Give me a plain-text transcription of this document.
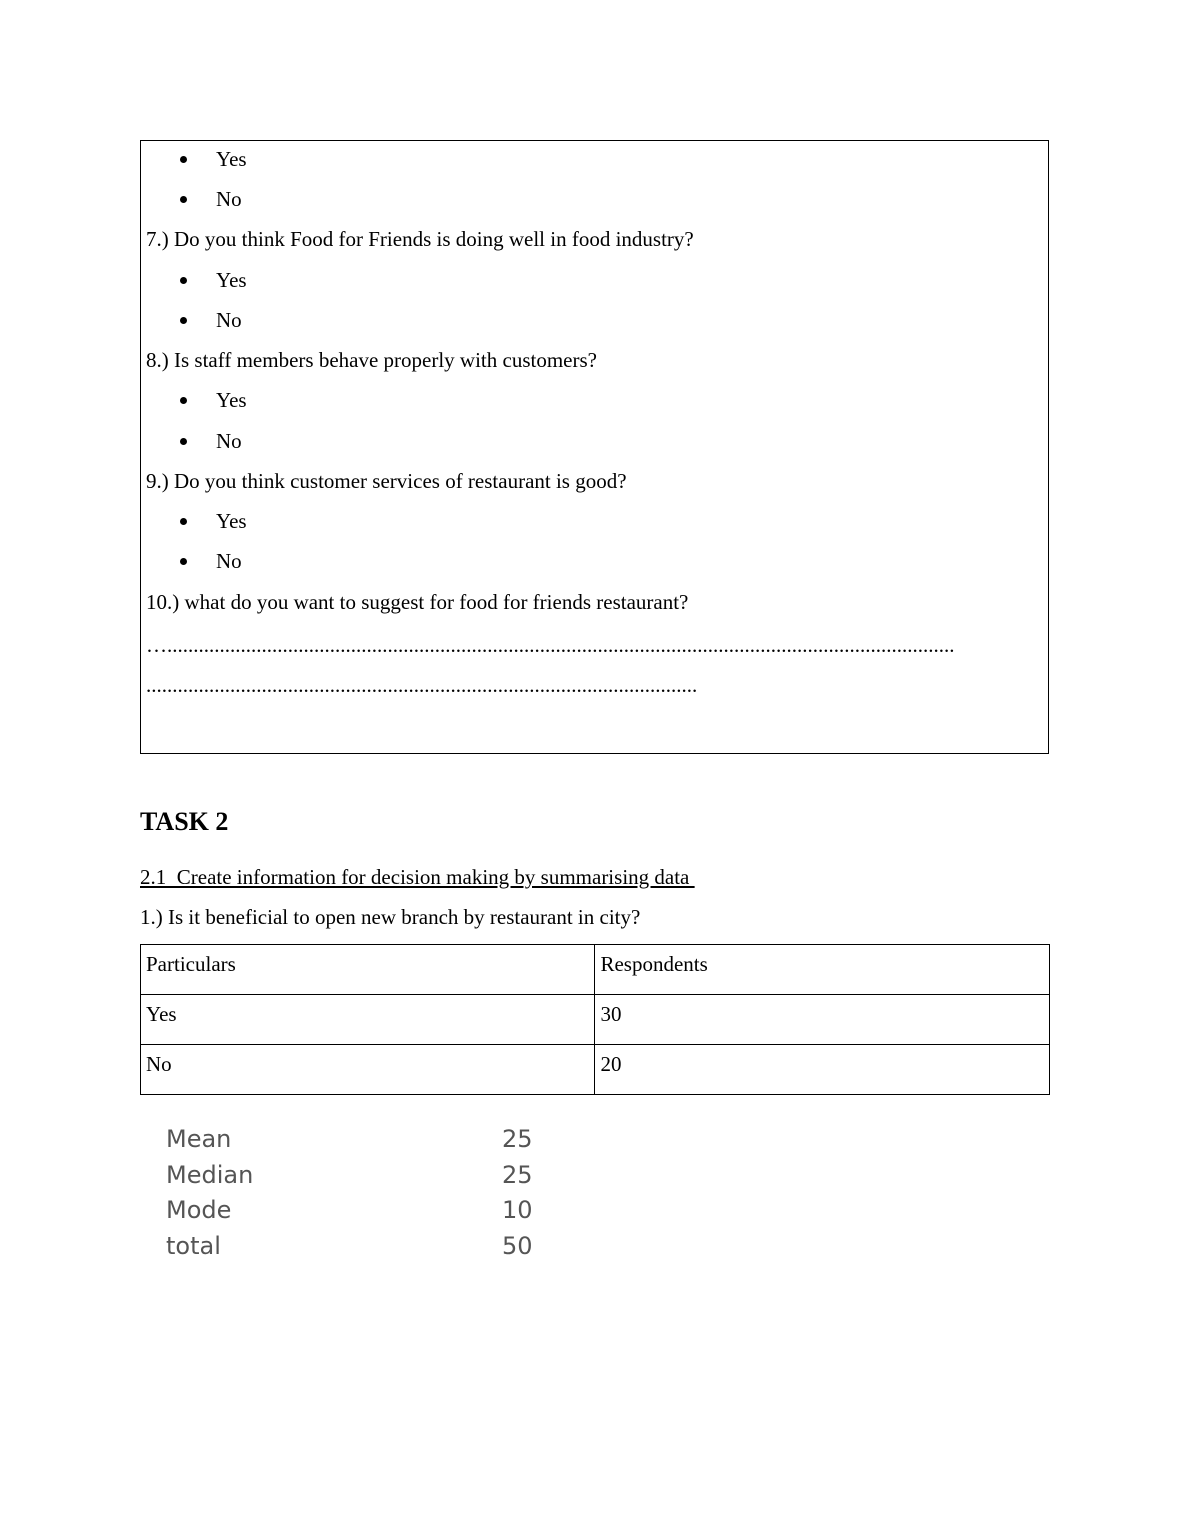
Yes
No
7.) Do you think Food for Friends is doing well in food industry?
Yes
No
8.) Is staff members behave properly with customers?
Yes
No
9.) Do you think customer services of restaurant is good?
Yes
No
10.) what do you want to suggest for food for friends restaurant?
…......................................................................................................................................................
.........................................................................................................
TASK 2
2.1  Create information for decision making by summarising data
1.) Is it beneficial to open new branch by restaurant in city?
Particulars	Respondents
Yes	30
No	20
Mean	25
Median	25
Mode	10
total	50
